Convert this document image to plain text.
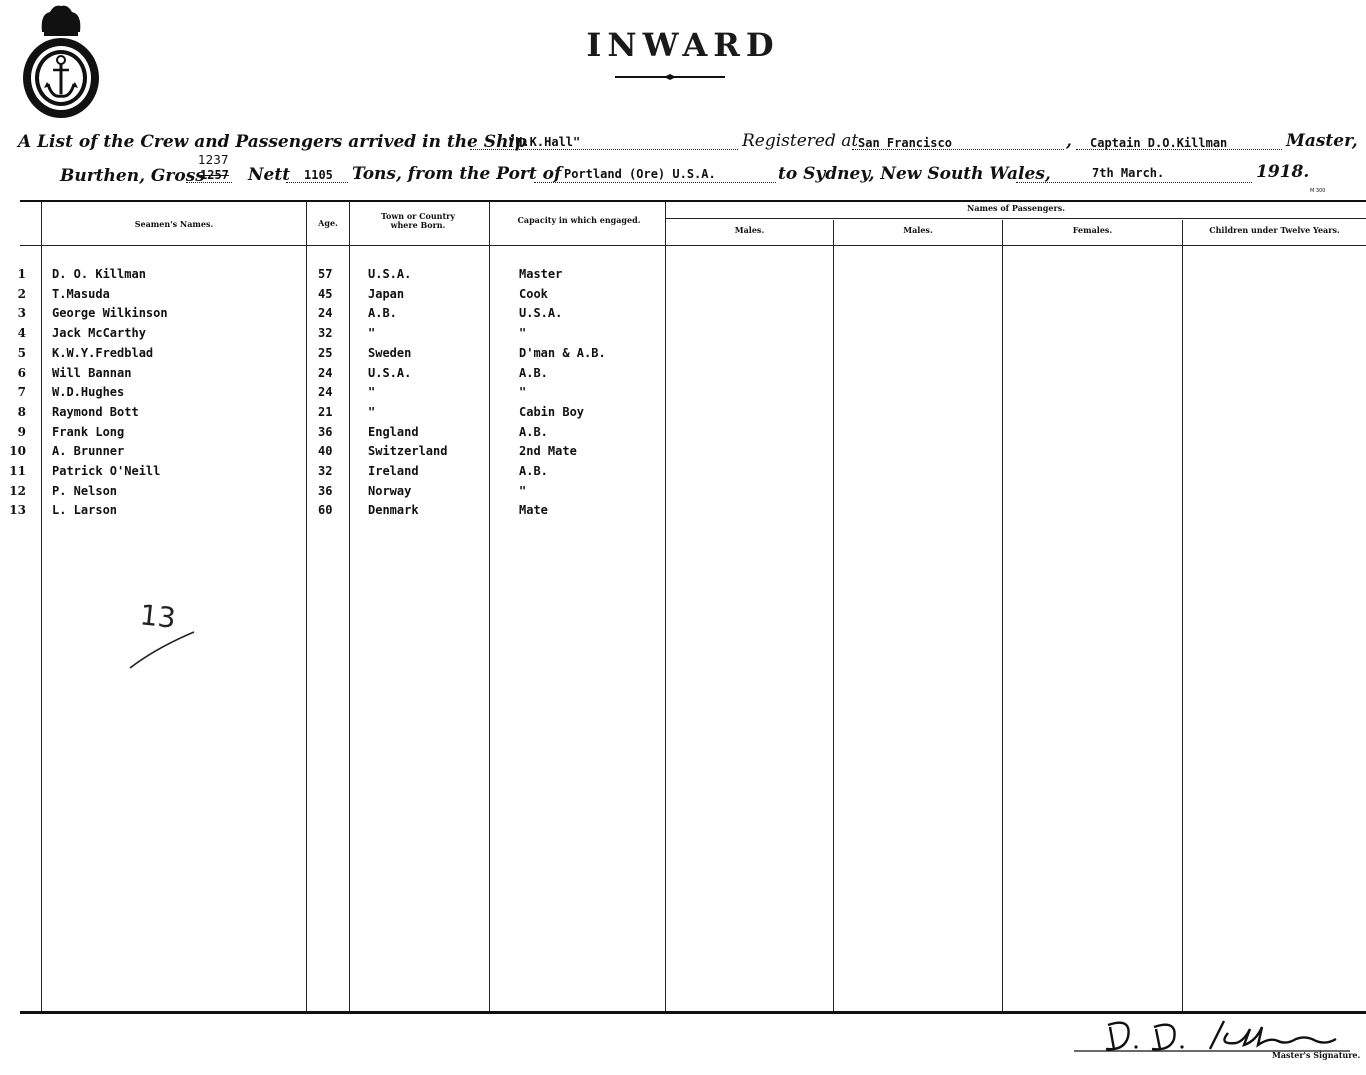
INWARD
A List of the Crew and Passengers arrived in the Ship
"H.K.Hall"	Registered at San Francisco	, Captain D.O.Killman	Master,
Burthen, Gross
1237
1257 Nett 1105 Tons, from the Port of Portland (Ore) U.S.A.	to Sydney, New South Wales,	7th March.	1918.
M 300
Seamen's Names.	Age.
Town or Country where Born.	Capacity in which engaged.
Names of Passengers.
Males.	Males.	Females.	Children under Twelve Years.
1 D. O. Killman	57	U.S.A.	Master
2 T.Masuda	45	Japan	Cook
3 George Wilkinson	24	A.B.	U.S.A.
4 Jack McCarthy	32	"	"
5 K.W.Y.Fredblad	25	Sweden	D'man & A.B.
6 Will Bannan	24	U.S.A.	A.B.
7 W.D.Hughes	24	"	"
8 Raymond Bott	21	"	Cabin Boy
9 Frank Long	36	England	A.B.
10 A. Brunner	40	Switzerland	2nd Mate
11 Patrick O'Neill	32	Ireland	A.B.
12 P. Nelson	36	Norway	"
13 L. Larson	60	Denmark	Mate
13
Master's Signature.
